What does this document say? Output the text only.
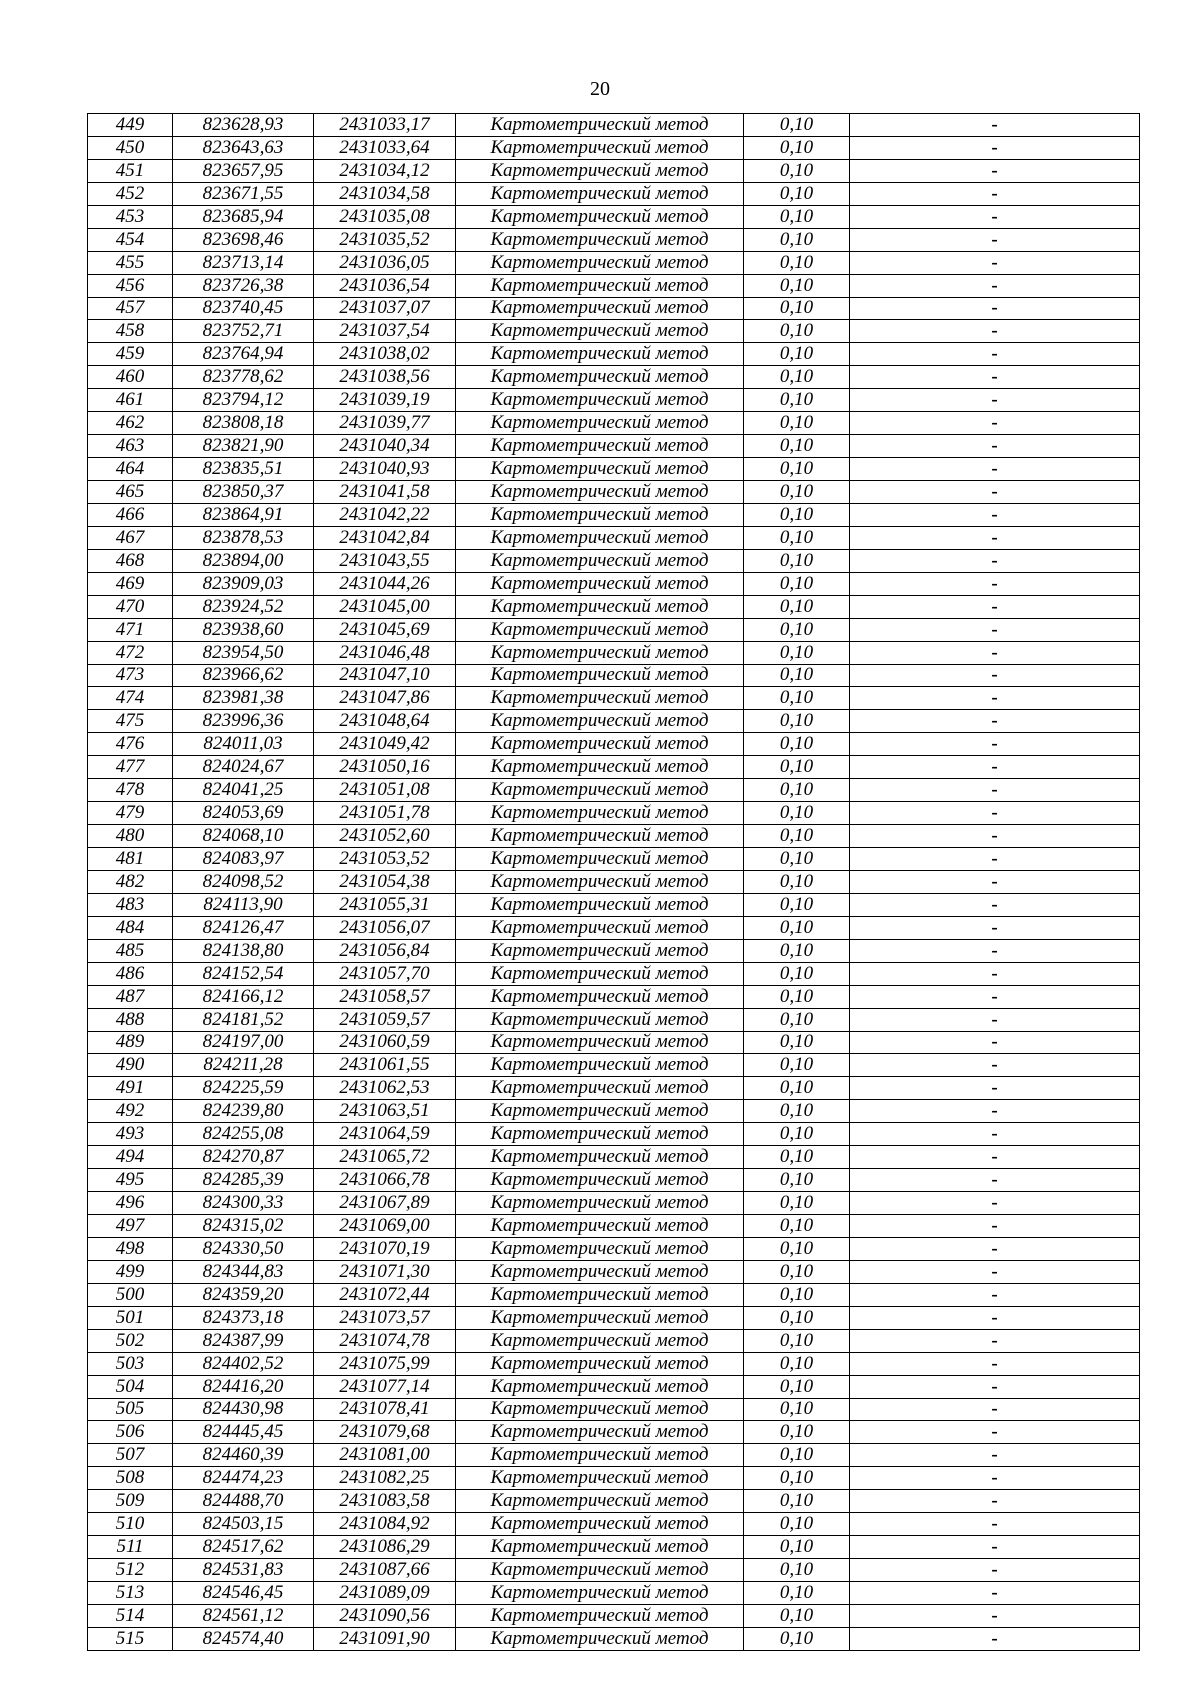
20
449	823628,93	2431033,17	Картометрический метод	0,10	-
450	823643,63	2431033,64	Картометрический метод	0,10	-
451	823657,95	2431034,12	Картометрический метод	0,10	-
452	823671,55	2431034,58	Картометрический метод	0,10	-
453	823685,94	2431035,08	Картометрический метод	0,10	-
454	823698,46	2431035,52	Картометрический метод	0,10	-
455	823713,14	2431036,05	Картометрический метод	0,10	-
456	823726,38	2431036,54	Картометрический метод	0,10	-
457	823740,45	2431037,07	Картометрический метод	0,10	-
458	823752,71	2431037,54	Картометрический метод	0,10	-
459	823764,94	2431038,02	Картометрический метод	0,10	-
460	823778,62	2431038,56	Картометрический метод	0,10	-
461	823794,12	2431039,19	Картометрический метод	0,10	-
462	823808,18	2431039,77	Картометрический метод	0,10	-
463	823821,90	2431040,34	Картометрический метод	0,10	-
464	823835,51	2431040,93	Картометрический метод	0,10	-
465	823850,37	2431041,58	Картометрический метод	0,10	-
466	823864,91	2431042,22	Картометрический метод	0,10	-
467	823878,53	2431042,84	Картометрический метод	0,10	-
468	823894,00	2431043,55	Картометрический метод	0,10	-
469	823909,03	2431044,26	Картометрический метод	0,10	-
470	823924,52	2431045,00	Картометрический метод	0,10	-
471	823938,60	2431045,69	Картометрический метод	0,10	-
472	823954,50	2431046,48	Картометрический метод	0,10	-
473	823966,62	2431047,10	Картометрический метод	0,10	-
474	823981,38	2431047,86	Картометрический метод	0,10	-
475	823996,36	2431048,64	Картометрический метод	0,10	-
476	824011,03	2431049,42	Картометрический метод	0,10	-
477	824024,67	2431050,16	Картометрический метод	0,10	-
478	824041,25	2431051,08	Картометрический метод	0,10	-
479	824053,69	2431051,78	Картометрический метод	0,10	-
480	824068,10	2431052,60	Картометрический метод	0,10	-
481	824083,97	2431053,52	Картометрический метод	0,10	-
482	824098,52	2431054,38	Картометрический метод	0,10	-
483	824113,90	2431055,31	Картометрический метод	0,10	-
484	824126,47	2431056,07	Картометрический метод	0,10	-
485	824138,80	2431056,84	Картометрический метод	0,10	-
486	824152,54	2431057,70	Картометрический метод	0,10	-
487	824166,12	2431058,57	Картометрический метод	0,10	-
488	824181,52	2431059,57	Картометрический метод	0,10	-
489	824197,00	2431060,59	Картометрический метод	0,10	-
490	824211,28	2431061,55	Картометрический метод	0,10	-
491	824225,59	2431062,53	Картометрический метод	0,10	-
492	824239,80	2431063,51	Картометрический метод	0,10	-
493	824255,08	2431064,59	Картометрический метод	0,10	-
494	824270,87	2431065,72	Картометрический метод	0,10	-
495	824285,39	2431066,78	Картометрический метод	0,10	-
496	824300,33	2431067,89	Картометрический метод	0,10	-
497	824315,02	2431069,00	Картометрический метод	0,10	-
498	824330,50	2431070,19	Картометрический метод	0,10	-
499	824344,83	2431071,30	Картометрический метод	0,10	-
500	824359,20	2431072,44	Картометрический метод	0,10	-
501	824373,18	2431073,57	Картометрический метод	0,10	-
502	824387,99	2431074,78	Картометрический метод	0,10	-
503	824402,52	2431075,99	Картометрический метод	0,10	-
504	824416,20	2431077,14	Картометрический метод	0,10	-
505	824430,98	2431078,41	Картометрический метод	0,10	-
506	824445,45	2431079,68	Картометрический метод	0,10	-
507	824460,39	2431081,00	Картометрический метод	0,10	-
508	824474,23	2431082,25	Картометрический метод	0,10	-
509	824488,70	2431083,58	Картометрический метод	0,10	-
510	824503,15	2431084,92	Картометрический метод	0,10	-
511	824517,62	2431086,29	Картометрический метод	0,10	-
512	824531,83	2431087,66	Картометрический метод	0,10	-
513	824546,45	2431089,09	Картометрический метод	0,10	-
514	824561,12	2431090,56	Картометрический метод	0,10	-
515	824574,40	2431091,90	Картометрический метод	0,10	-
